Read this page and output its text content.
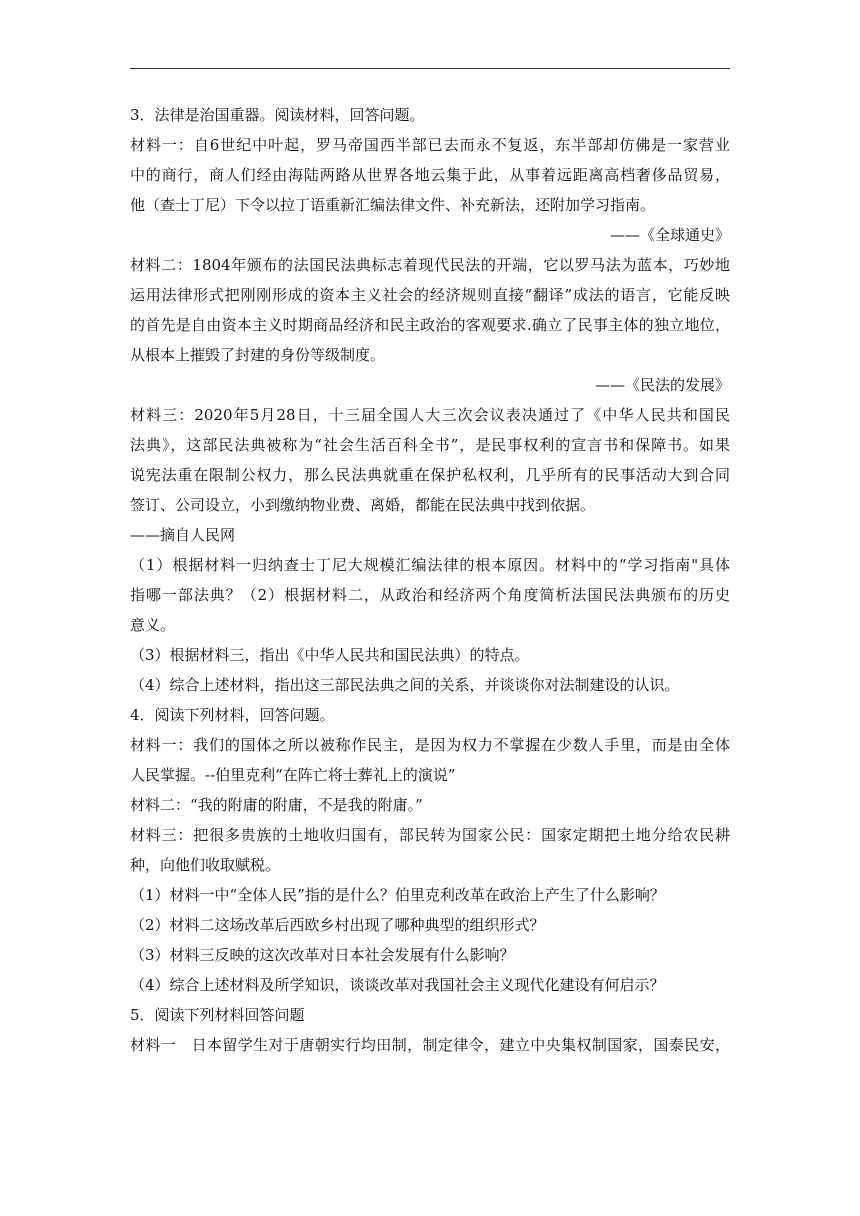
3．法律是治国重器。阅读材料，回答问题。
材料一：自6世纪中叶起，罗马帝国西半部已去而永不复返，东半部却仿佛是一家营业
中的商行，商人们经由海陆两路从世界各地云集于此，从事着远距离高档奢侈品贸易，
他（查士丁尼）下令以拉丁语重新汇编法律文件、补充新法，还附加学习指南。
——《全球通史》
材料二：1804年颁布的法国民法典标志着现代民法的开端，它以罗马法为蓝本，巧妙地
运用法律形式把刚刚形成的资本主义社会的经济规则直接“翻译”成法的语言，它能反映
的首先是自由资本主义时期商品经济和民主政治的客观要求.确立了民事主体的独立地位，
从根本上摧毁了封建的身份等级制度。
——《民法的发展》
材料三：2020年5月28日，十三届全国人大三次会议表决通过了《中华人民共和国民
法典》，这部民法典被称为“社会生活百科全书”，是民事权利的宣言书和保障书。如果
说宪法重在限制公权力，那么民法典就重在保护私权利，几乎所有的民事活动大到合同
签订、公司设立，小到缴纳物业费、离婚，都能在民法典中找到依据。
——摘自人民网
（1）根据材料一归纳查士丁尼大规模汇编法律的根本原因。材料中的“学习指南"具体
指哪一部法典？（2）根据材料二，从政治和经济两个角度简析法国民法典颁布的历史
意义。
（3）根据材料三，指出《中华人民共和国民法典）的特点。
（4）综合上述材料，指出这三部民法典之间的关系，并谈谈你对法制建设的认识。
4．阅读下列材料，回答问题。
材料一：我们的国体之所以被称作民主，是因为权力不掌握在少数人手里，而是由全体
人民掌握。--伯里克利“在阵亡将士葬礼上的演说”
材料二：“我的附庸的附庸，不是我的附庸。”
材料三：把很多贵族的土地收归国有，部民转为国家公民：国家定期把土地分给农民耕
种，向他们收取赋税。
（1）材料一中“全体人民”指的是什么？伯里克利改革在政治上产生了什么影响？
（2）材料二这场改革后西欧乡村出现了哪种典型的组织形式？
（3）材料三反映的这次改革对日本社会发展有什么影响？
（4）综合上述材料及所学知识，谈谈改革对我国社会主义现代化建设有何启示？
5．阅读下列材料回答问题
材料一　日本留学生对于唐朝实行均田制，制定律令，建立中央集权制国家，国泰民安，
